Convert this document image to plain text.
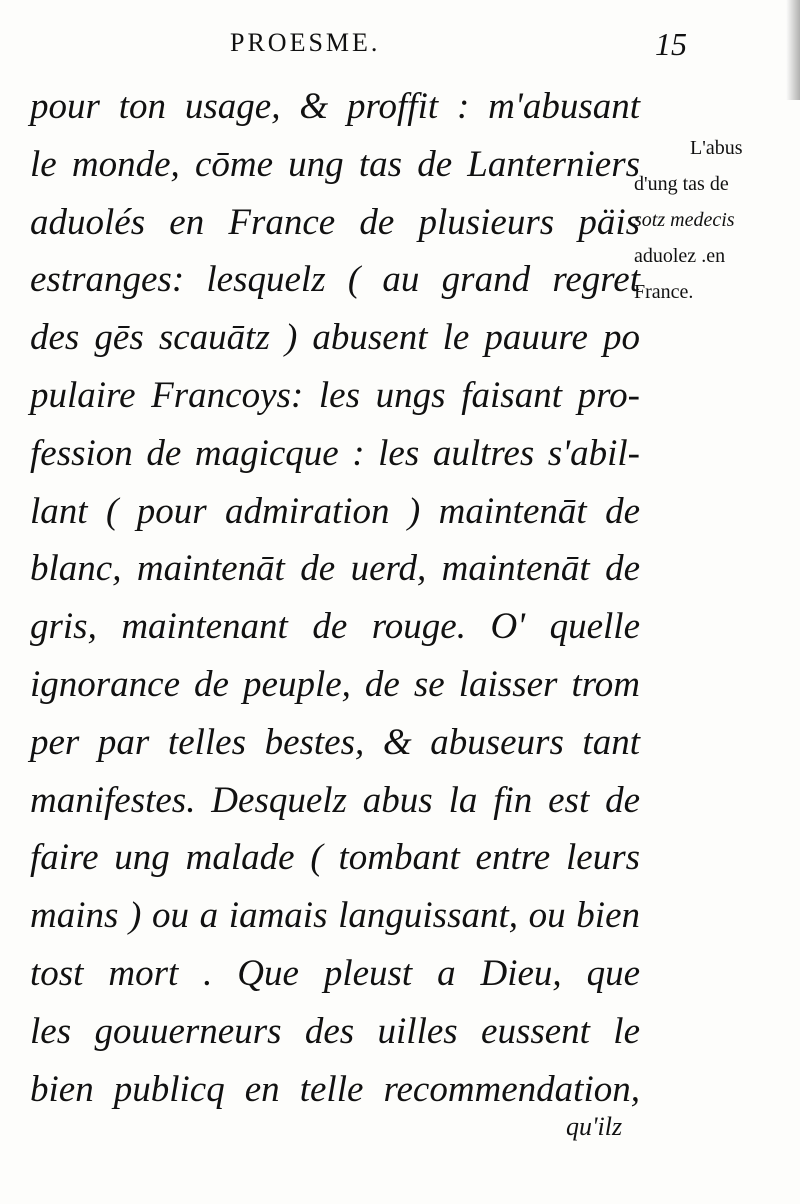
PROESME.	15
pour ton usage, & proffit : m'abusant
le monde, cōme ung tas de Lanterniers
aduolés en France de plusieurs päis
estranges: lesquelz ( au grand regret
des gēs scauātz ) abusent le pauure po
pulaire Francoys: les ungs faisant pro-
fession de magicque : les aultres s'abil-
lant ( pour admiration ) maintenāt de
blanc, maintenāt de uerd, maintenāt de
gris, maintenant de rouge. O' quelle
ignorance de peuple, de se laisser trom
per par telles bestes, & abuseurs tant
manifestes. Desquelz abus la fin est de
faire ung malade ( tombant entre leurs
mains ) ou a iamais languissant, ou bien
tost mort . Que pleust a Dieu, que
les gouuerneurs des uilles eussent le
bien publicq en telle recommendation,
L'abus
d'ung tas de
sotz medecis
aduolez .en
France.
qu'ilz
